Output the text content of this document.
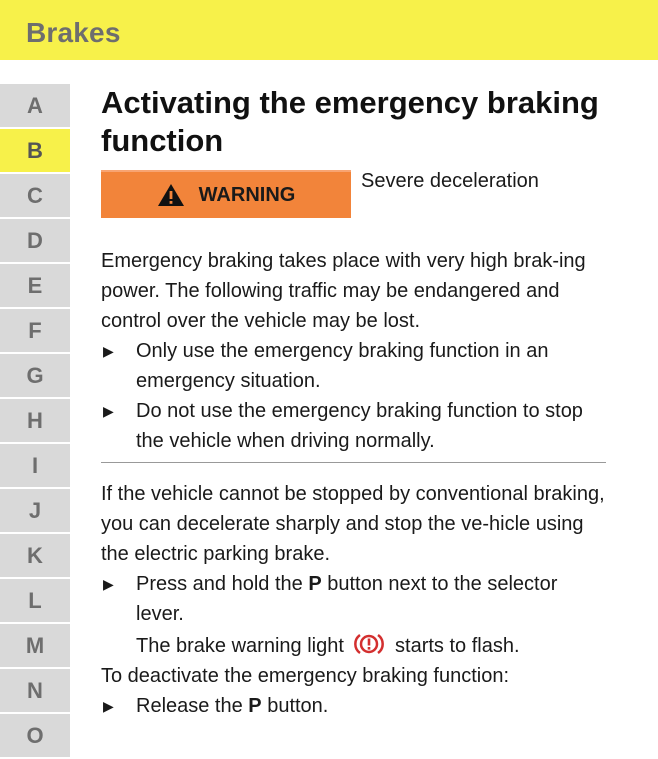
Brakes
A
B
C
D
E
F
G
H
I
J
K
L
M
N
O
Activating the emergency braking function
WARNING
Severe deceleration

Emergency braking takes place with very high brak-ing power. The following traffic may be endangered and control over the vehicle may be lost.

▶ Only use the emergency braking function in an emergency situation.
▶ Do not use the emergency braking function to stop the vehicle when driving normally.

If the vehicle cannot be stopped by conventional braking, you can decelerate sharply and stop the ve-hicle using the electric parking brake.

▶ Press and hold the P button next to the selector lever.
The brake warning light  starts to flash.

To deactivate the emergency braking function:

▶ Release the P button.
